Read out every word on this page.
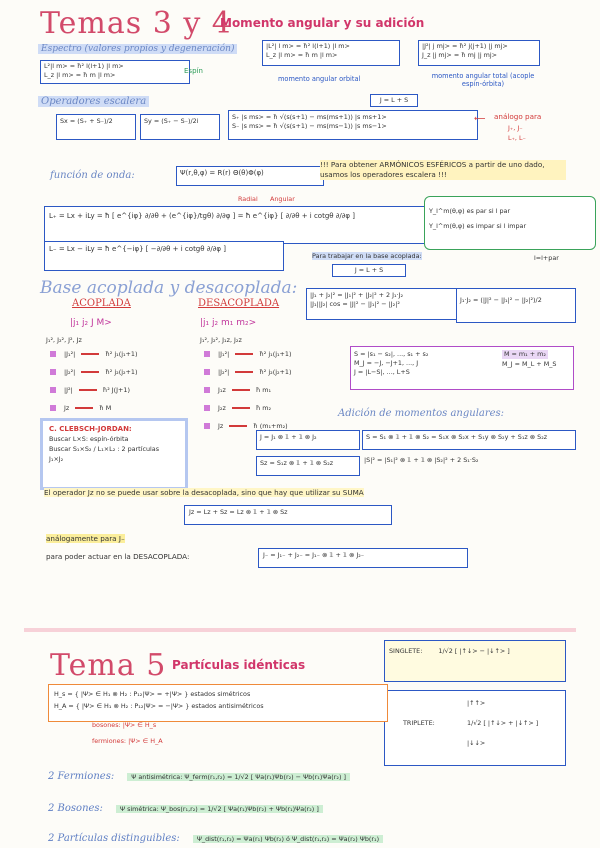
Temas 3 y 4
Momento angular y su adición
Espectro (valores propios y degeneración)
L²|l m> = ħ² l(l+1) |l m>
L_z |l m> = ħ m |l m>	Espín
|L²| l m> = ħ² l(l+1) |l m>
L_z |l m> = ħ m |l m>
momento angular orbital
|J²| j mj> = ħ² j(j+1) |j mj>
J_z |j mj> = ħ mj |j mj>
momento angular total (acople espín-órbita)
J = L + S
Operadores escalera
Sx = (S₊ + S₋)/2	Sy = (S₊ − S₋)/2i	S₊ |s ms> = ħ √(s(s+1) − ms(ms+1)) |s ms+1>
S₋ |s ms> = ħ √(s(s+1) − ms(ms−1)) |s ms−1>
⟵ análogo para
J₊, J₋
L₊, L₋
función de onda:	Ψ(r,θ,φ) = R(r) Θ(θ)Φ(φ)
Radial Angular
!!! Para obtener ARMÓNICOS ESFÉRICOS a partir de uno dado, usamos los operadores escalera !!!
L₊ = Lx + iLy = ħ [ e^{iφ} ∂/∂θ + (e^{iφ}/tgθ) ∂/∂φ ] = ħ e^{iφ} [ ∂/∂θ + i cotgθ ∂/∂φ ]
Y_l^m(θ,φ) es par si l par
Y_l^m(θ,φ) es impar si l impar
l=l+par
L₋ = Lx − iLy = ħ e^{−iφ} [ −∂/∂θ + i cotgθ ∂/∂φ ]
Para trabajar en la base acoplada:
J = L + S
Base acoplada y desacoplada:
ACOPLADA
|j₁ j₂ J M>
J₁², J₂², J², Jz
|J₁²|	ħ² j₁(j₁+1)
|J₂²|	ħ² j₂(j₂+1)
|J²|	ħ² J(J+1)
Jz	ħ M
DESACOPLADA
|j₁ j₂ m₁ m₂>
J₁², J₂², J₁z, J₂z
|J₁²|	ħ² j₁(j₁+1)
|J₂²|	ħ² j₂(j₂+1)
J₁z	ħ m₁
J₂z	ħ m₂
Jz	ħ (m₁+m₂)
|J₁ + J₂|² = |J₁|² + |J₂|² + 2 J₁·J₂
|J₁||J₂| cos = |J|² − |J₁|² − |J₂|²	J₁·J₂ = (|J|² − |J₁|² − |J₂|²)/2
S = |s₁ − s₂|, ..., s₁ + s₂
M_J = −J, −J+1, ..., J
J = |L−S|, ..., L+S
M = m₁ + m₂
M_J = M_L + M_S
Adición de momentos angulares:
J = J₁ ⊗ 𝟙 + 𝟙 ⊗ J₂
Sz = S₁z ⊗ 𝟙 + 𝟙 ⊗ S₂z
S = S₁ ⊗ 𝟙 + 𝟙 ⊗ S₂ = S₁x ⊗ S₂x + S₁y ⊗ S₂y + S₁z ⊗ S₂z
|S|² = |S₁|² ⊗ 𝟙 + 𝟙 ⊗ |S₂|² + 2 S₁·S₂
C. CLEBSCH-JORDAN:
Buscar L×S: espín-órbita
Buscar S₁×S₂ / L₁×L₂ : 2 partículas
J₁×J₂
El operador Jz no se puede usar sobre la desacoplada, sino que hay que utilizar su SUMA
Jz = Lz + Sz = Lz ⊗ 𝟙 + 𝟙 ⊗ Sz
análogamente para J₋
para poder actuar en la DESACOPLADA:	J₋ = J₁₋ + J₂₋ = J₁₋ ⊗ 𝟙 + 𝟙 ⊗ J₂₋
Tema 5 Partículas idénticas
SINGLETE:	1/√2 [ |↑↓> − |↓↑> ]
TRIPLETE:
|↑↑>
1/√2 [ |↑↓> + |↓↑> ]
|↓↓>
H_s = { |Ψ> ∈ H₁ ⊗ H₂ : P₁₂|Ψ> = +|Ψ> } estados simétricos
H_A = { |Ψ> ∈ H₁ ⊗ H₂ : P₁₂|Ψ> = −|Ψ> } estados antisimétricos
bosones: |Ψ> ∈ H_s
fermiones: |Ψ> ∈ H_A
2 Fermiones:	Ψ antisimétrica: Ψ_ferm(r₁,r₂) = 1/√2 [ Ψa(r₁)Ψb(r₂) − Ψb(r₁)Ψa(r₂) ]
2 Bosones:	Ψ simétrica: Ψ_bos(r₁,r₂) = 1/√2 [ Ψa(r₁)Ψb(r₂) + Ψb(r₁)Ψa(r₂) ]
2 Partículas distinguibles:	Ψ_dist(r₁,r₂) = Ψa(r₁) Ψb(r₂) ó Ψ_dist(r₁,r₂) = Ψa(r₂) Ψb(r₁)
